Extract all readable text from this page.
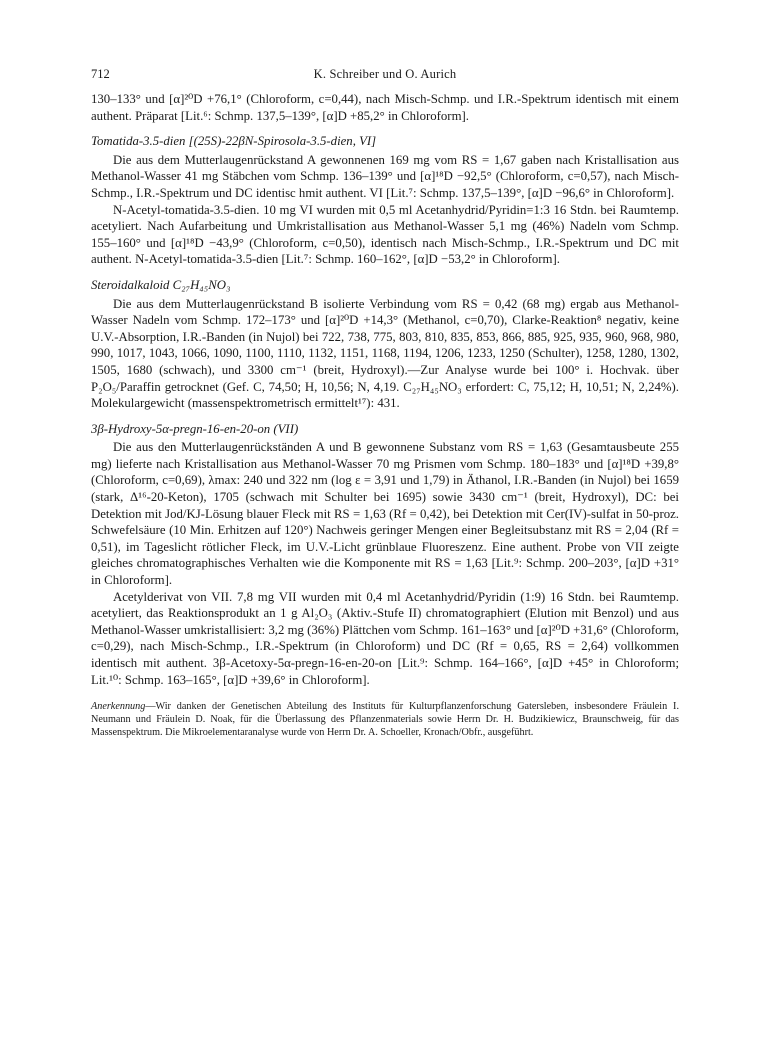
712	K. Schreiber und O. Aurich

130–133° und [α]²⁰D +76,1° (Chloroform, c=0,44), nach Misch-Schmp. und I.R.-Spektrum identisch mit einem authent. Präparat [Lit.⁶: Schmp. 137,5–139°, [α]D +85,2° in Chloroform].

Tomatida-3.5-dien [(25S)-22βN-Spirosola-3.5-dien, VI]

Die aus dem Mutterlaugenrückstand A gewonnenen 169 mg vom RS = 1,67 gaben nach Kristallisation aus Methanol-Wasser 41 mg Stäbchen vom Schmp. 136–139° und [α]¹⁸D −92,5° (Chloroform, c=0,57), nach Misch-Schmp., I.R.-Spektrum und DC identisc hmit authent. VI [Lit.⁷: Schmp. 137,5–139°, [α]D −96,6° in Chloroform].

N-Acetyl-tomatida-3.5-dien. 10 mg VI wurden mit 0,5 ml Acetanhydrid/Pyridin=1:3 16 Stdn. bei Raumtemp. acetyliert. Nach Aufarbeitung und Umkristallisation aus Methanol-Wasser 5,1 mg (46%) Nadeln vom Schmp. 155–160° und [α]¹⁸D −43,9° (Chloroform, c=0,50), identisch nach Misch-Schmp., I.R.-Spektrum und DC mit authent. N-Acetyl-tomatida-3.5-dien [Lit.⁷: Schmp. 160–162°, [α]D −53,2° in Chloroform].

Steroidalkaloid C₂₇H₄₅NO₃

Die aus dem Mutterlaugenrückstand B isolierte Verbindung vom RS = 0,42 (68 mg) ergab aus Methanol-Wasser Nadeln vom Schmp. 172–173° und [α]²⁰D +14,3° (Methanol, c=0,70), Clarke-Reaktion⁸ negativ, keine U.V.-Absorption, I.R.-Banden (in Nujol) bei 722, 738, 775, 803, 810, 835, 853, 866, 885, 925, 935, 960, 968, 980, 990, 1017, 1043, 1066, 1090, 1100, 1110, 1132, 1151, 1168, 1194, 1206, 1233, 1250 (Schulter), 1258, 1280, 1302, 1505, 1680 (schwach), und 3300 cm⁻¹ (breit, Hydroxyl).—Zur Analyse wurde bei 100° i. Hochvak. über P₂O₅/Paraffin getrocknet (Gef. C, 74,50; H, 10,56; N, 4,19. C₂₇H₄₅NO₃ erfordert: C, 75,12; H, 10,51; N, 2,24%). Molekulargewicht (massenspektrometrisch ermittelt¹⁷): 431.

3β-Hydroxy-5α-pregn-16-en-20-on (VII)

Die aus den Mutterlaugenrückständen A und B gewonnene Substanz vom RS = 1,63 (Gesamtausbeute 255 mg) lieferte nach Kristallisation aus Methanol-Wasser 70 mg Prismen vom Schmp. 180–183° und [α]¹⁸D +39,8° (Chloroform, c=0,69), λmax: 240 und 322 nm (log ε = 3,91 und 1,79) in Äthanol, I.R.-Banden (in Nujol) bei 1659 (stark, Δ¹⁶-20-Keton), 1705 (schwach mit Schulter bei 1695) sowie 3430 cm⁻¹ (breit, Hydroxyl), DC: bei Detektion mit Jod/KJ-Lösung blauer Fleck mit RS = 1,63 (Rf = 0,42), bei Detektion mit Cer(IV)-sulfat in 50-proz. Schwefelsäure (10 Min. Erhitzen auf 120°) Nachweis geringer Mengen einer Begleitsubstanz mit RS = 2,04 (Rf = 0,51), im Tageslicht rötlicher Fleck, im U.V.-Licht grünblaue Fluoreszenz. Eine authent. Probe von VII zeigte gleiches chromatographisches Verhalten wie die Komponente mit RS = 1,63 [Lit.⁹: Schmp. 200–203°, [α]D +31° in Chloroform].

Acetylderivat von VII. 7,8 mg VII wurden mit 0,4 ml Acetanhydrid/Pyridin (1:9) 16 Stdn. bei Raumtemp. acetyliert, das Reaktionsprodukt an 1 g Al₂O₃ (Aktiv.-Stufe II) chromatographiert (Elution mit Benzol) und aus Methanol-Wasser umkristallisiert: 3,2 mg (36%) Plättchen vom Schmp. 161–163° und [α]²⁰D +31,6° (Chloroform, c=0,29), nach Misch-Schmp., I.R.-Spektrum (in Chloroform) und DC (Rf = 0,65, RS = 2,64) vollkommen identisch mit authent. 3β-Acetoxy-5α-pregn-16-en-20-on [Lit.⁹: Schmp. 164–166°, [α]D +45° in Chloroform; Lit.¹⁰: Schmp. 163–165°, [α]D +39,6° in Chloroform].

Anerkennung—Wir danken der Genetischen Abteilung des Instituts für Kulturpflanzenforschung Gatersleben, insbesondere Fräulein I. Neumann und Fräulein D. Noak, für die Überlassung des Pflanzenmaterials sowie Herrn Dr. H. Budzikiewicz, Braunschweig, für das Massenspektrum. Die Mikroelementaranalyse wurde von Herrn Dr. A. Schoeller, Kronach/Obfr., ausgeführt.
